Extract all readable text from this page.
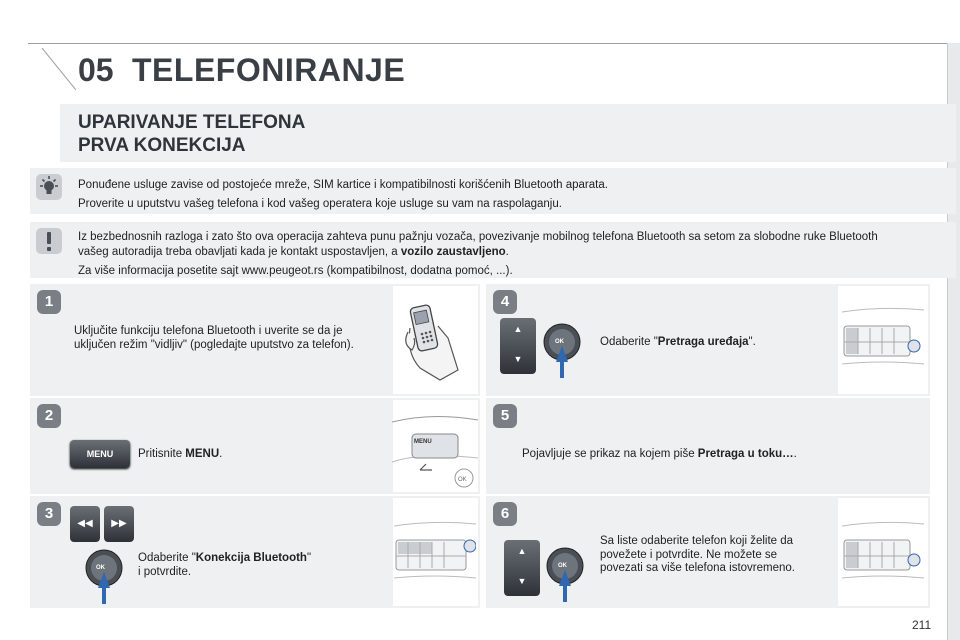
05 TELEFONIRANJE
UPARIVANJE TELEFONA
PRVA KONEKCIJA

Ponuđene usluge zavise od postojeće mreže, SIM kartice i kompatibilnosti korišćenih Bluetooth aparata.

Proverite u uputstvu vašeg telefona i kod vašeg operatera koje usluge su vam na raspolaganju.

Iz bezbednosnih razloga i zato što ova operacija zahteva punu pažnju vozača, povezivanje mobilnog telefona Bluetooth sa setom za slobodne ruke Bluetooth vašeg autoradija treba obavljati kada je kontakt uspostavljen, a vozilo zaustavljeno.

Za više informacija posetite sajt www.peugeot.rs (kompatibilnost, dodatna pomoć, ...).

1
Uključite funkciju telefona Bluetooth i uverite se da je uključen režim "vidljiv" (pogledajte uputstvo za telefon).
2
MENU	Pritisnite MENU.
OK
MENU
3
◀◀	▶▶
OK
Odaberite "Konekcija Bluetooth"
i potvrdite.
4
▲
▼
OK	Odaberite "Pretraga uređaja".
5
Pojavljuje se prikaz na kojem piše Pretraga u toku….
6
▲
▼
OK
Sa liste odaberite telefon koji želite da povežete i potvrdite. Ne možete se povezati sa više telefona istovremeno.
211
